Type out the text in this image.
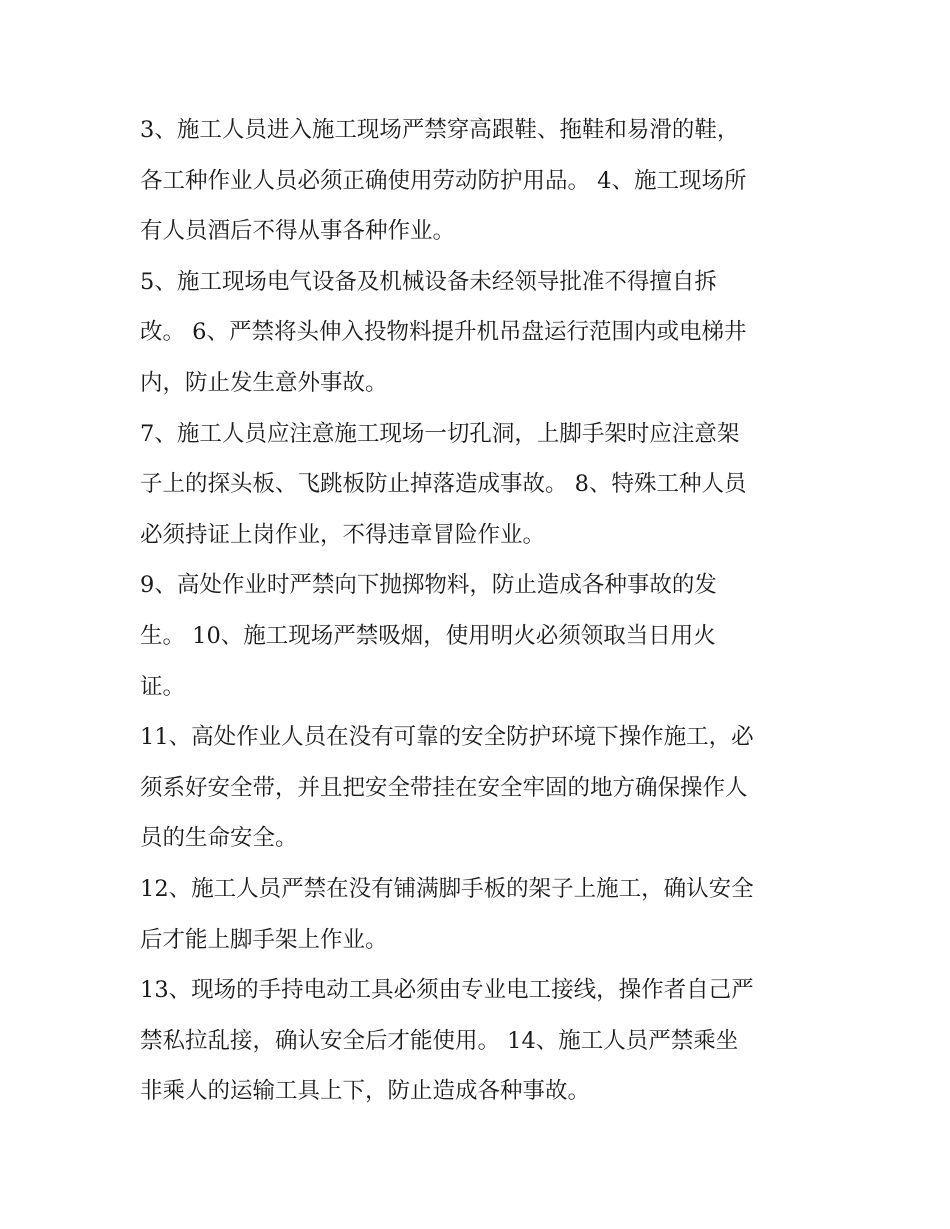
3、施工人员进入施工现场严禁穿高跟鞋、拖鞋和易滑的鞋，
各工种作业人员必须正确使用劳动防护用品。 4、施工现场所
有人员酒后不得从事各种作业。

5、施工现场电气设备及机械设备未经领导批准不得擅自拆
改。 6、严禁将头伸入投物料提升机吊盘运行范围内或电梯井
内，防止发生意外事故。

7、施工人员应注意施工现场一切孔洞，上脚手架时应注意架
子上的探头板、飞跳板防止掉落造成事故。 8、特殊工种人员
必须持证上岗作业，不得违章冒险作业。

9、高处作业时严禁向下抛掷物料，防止造成各种事故的发
生。 10、施工现场严禁吸烟，使用明火必须领取当日用火
证。

11、高处作业人员在没有可靠的安全防护环境下操作施工，必
须系好安全带，并且把安全带挂在安全牢固的地方确保操作人
员的生命安全。

12、施工人员严禁在没有铺满脚手板的架子上施工，确认安全
后才能上脚手架上作业。

13、现场的手持电动工具必须由专业电工接线，操作者自己严
禁私拉乱接，确认安全后才能使用。 14、施工人员严禁乘坐
非乘人的运输工具上下，防止造成各种事故。
